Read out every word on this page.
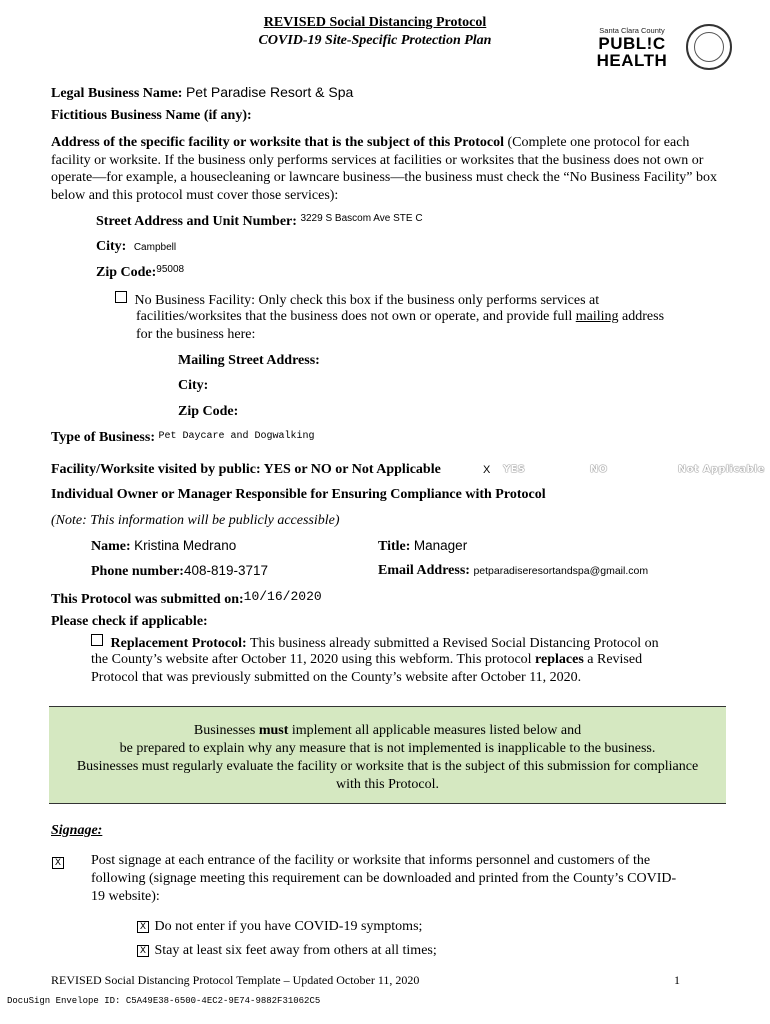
REVISED Social Distancing Protocol
COVID-19 Site-Specific Protection Plan
Santa Clara County
PUBL!C
HEALTH
Legal Business Name: Pet Paradise Resort & Spa
Fictitious Business Name (if any):
Address of the specific facility or worksite that is the subject of this Protocol (Complete one protocol for each facility or worksite. If the business only performs services at facilities or worksites that the business does not own or operate—for example, a housecleaning or lawncare business—the business must check the “No Business Facility” box below and this protocol must cover those services):
Street Address and Unit Number: $^{3229 S Bascom Ave STE C}$
City: Campbell
Zip Code:$^{95008}$
No Business Facility: Only check this box if the business only performs services at
facilities/worksites that the business does not own or operate, and provide full mailing address
for the business here:
Mailing Street Address:
City:
Zip Code:
Type of Business: $^{Pet Daycare and Dogwalking}$
Facility/Worksite visited by public: YES or NO or Not Applicable	X YES	NO	Not Applicable
Individual Owner or Manager Responsible for Ensuring Compliance with Protocol
(Note: This information will be publicly accessible)
Name: Kristina Medrano	Title: Manager
Phone number:408-819-3717	Email Address: petparadiseresortandspa@gmail.com
This Protocol was submitted on:10/16/2020
Please check if applicable:
Replacement Protocol: This business already submitted a Revised Social Distancing Protocol on
the County’s website after October 11, 2020 using this webform. This protocol replaces a Revised
Protocol that was previously submitted on the County’s website after October 11, 2020.
Businesses must implement all applicable measures listed below and
be prepared to explain why any measure that is not implemented is inapplicable to the business.
Businesses must regularly evaluate the facility or worksite that is the subject of this submission for compliance
with this Protocol.
Signage:
X Post signage at each entrance of the facility or worksite that informs personnel and customers of the
following (signage meeting this requirement can be downloaded and printed from the County’s COVID-
19 website):
X Do not enter if you have COVID-19 symptoms;
X Stay at least six feet away from others at all times;
REVISED Social Distancing Protocol Template – Updated October 11, 2020	1
DocuSign Envelope ID: C5A49E38-6500-4EC2-9E74-9882F31062C5
